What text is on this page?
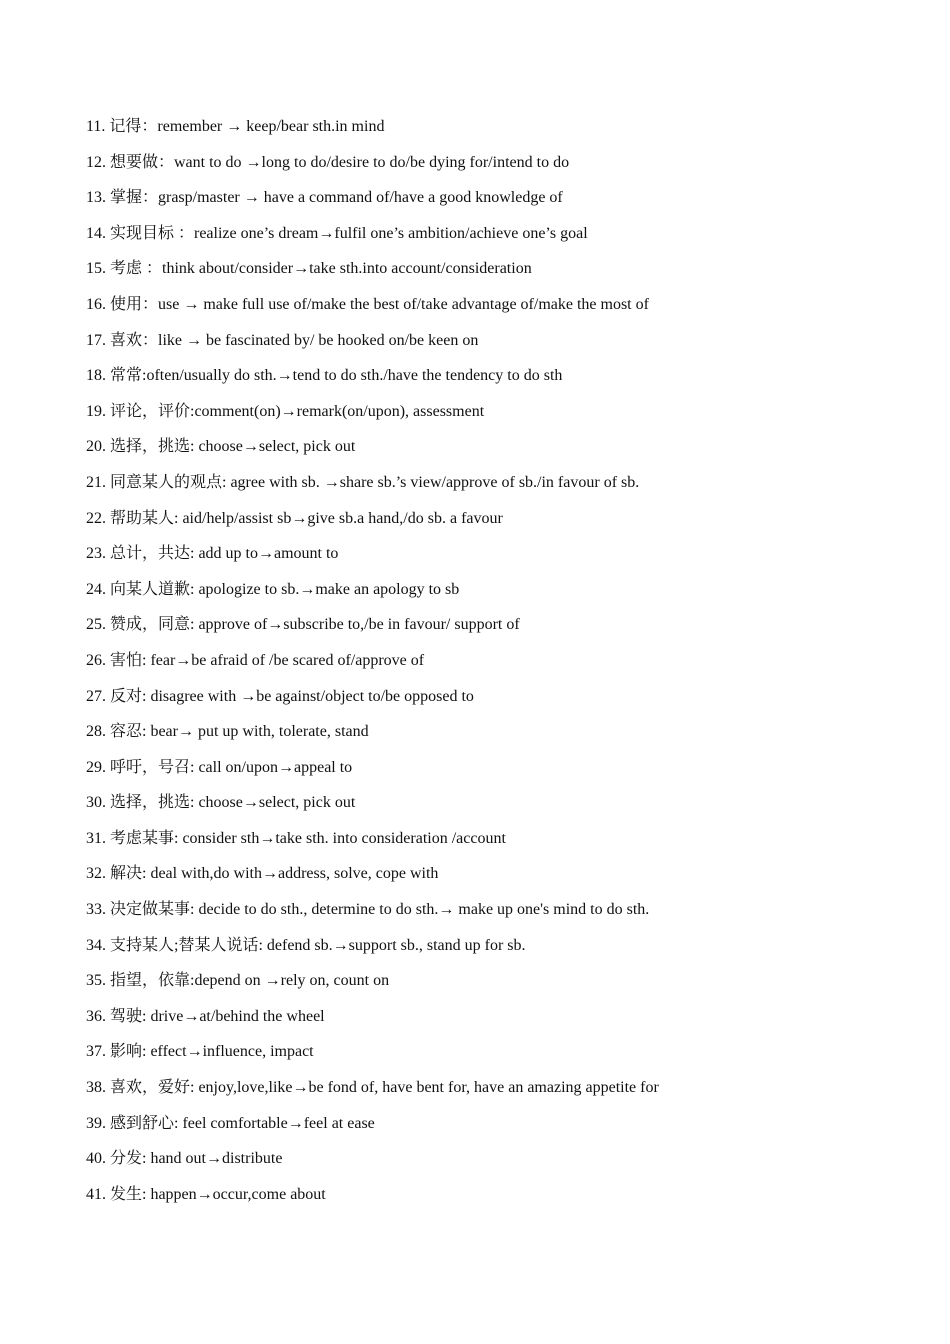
11. 记得：remember → keep/bear sth.in mind
12. 想要做：want to do →long to do/desire to do/be dying for/intend to do
13. 掌握：grasp/master → have a command of/have a good knowledge of
14. 实现目标 ：realize one’s dream→fulfil one’s ambition/achieve one’s goal
15. 考虑 ：think about/consider→take sth.into account/consideration
16. 使用：use → make full use of/make the best of/take advantage of/make the most of
17. 喜欢：like → be fascinated by/ be hooked on/be keen on
18. 常常:often/usually do sth.→tend to do sth./have the tendency to do sth
19. 评论，评价:comment(on)→remark(on/upon), assessment
20. 选择，挑选: choose→select, pick out
21. 同意某人的观点: agree with sb. →share sb.’s view/approve of sb./in favour of sb.
22. 帮助某人: aid/help/assist sb→give sb.a hand,/do sb. a favour
23. 总计，共达: add up to→amount to
24. 向某人道歉: apologize to sb.→make an apology to sb
25. 赞成，同意: approve of→subscribe to,/be in favour/ support of
26. 害怕: fear→be afraid of /be scared of/approve of
27. 反对: disagree with →be against/object to/be opposed to
28. 容忍: bear→ put up with, tolerate, stand
29. 呼吁，号召: call on/upon→appeal to
30. 选择，挑选: choose→select, pick out
31. 考虑某事: consider sth→take sth. into consideration /account
32. 解决: deal with,do with→address, solve, cope with
33. 决定做某事: decide to do sth., determine to do sth.→ make up one's mind to do sth.
34. 支持某人;替某人说话: defend sb.→support sb., stand up for sb.
35. 指望，依靠:depend on →rely on, count on
36. 驾驶: drive→at/behind the wheel
37. 影响: effect→influence, impact
38. 喜欢，爱好: enjoy,love,like→be fond of, have bent for, have an amazing appetite for
39. 感到舒心: feel comfortable→feel at ease
40. 分发: hand out→distribute
41. 发生: happen→occur,come about
